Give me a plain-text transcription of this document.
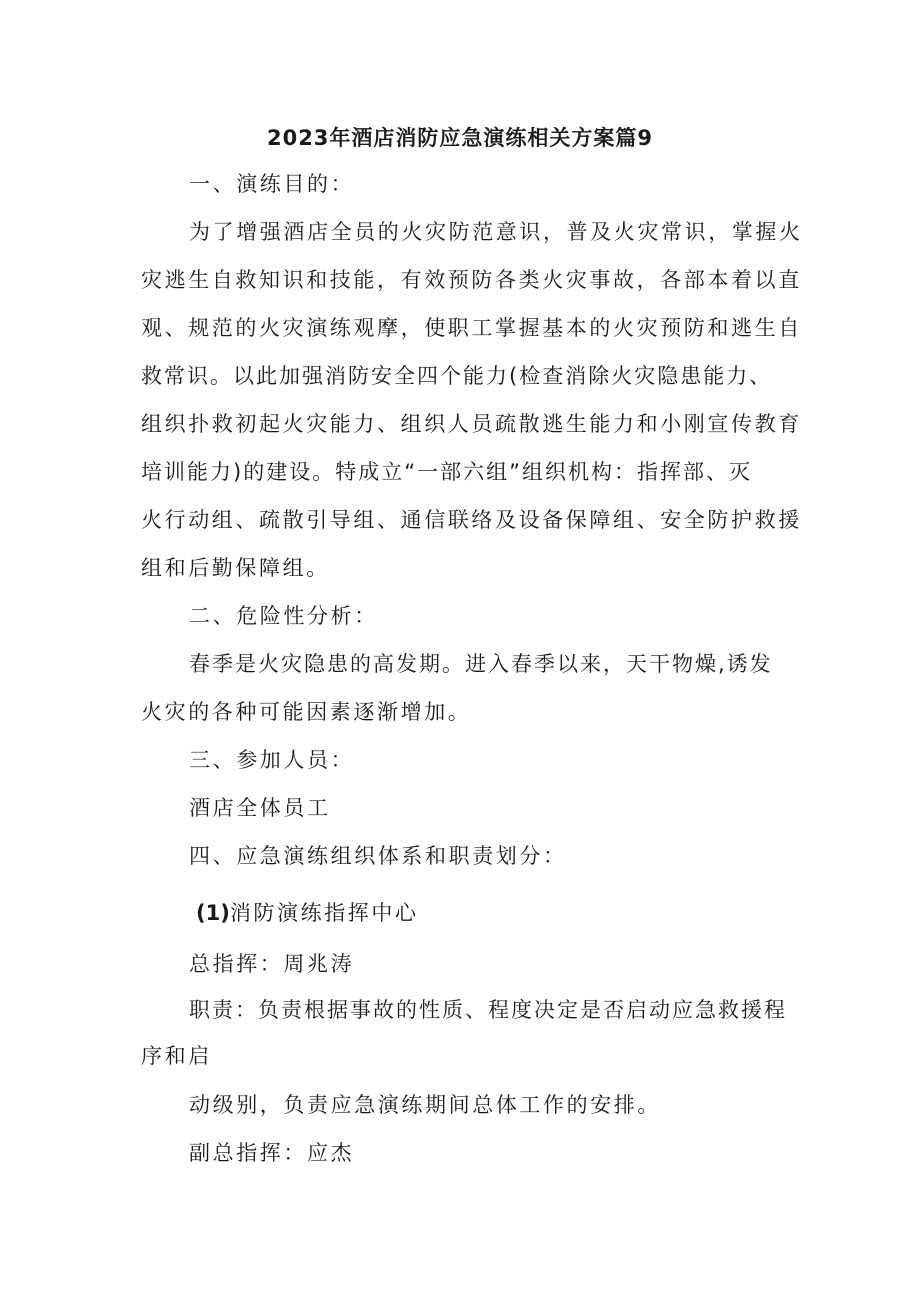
2023年酒店消防应急演练相关方案篇9
一、演练目的：
为了增强酒店全员的火灾防范意识，普及火灾常识，掌握火
灾逃生自救知识和技能，有效预防各类火灾事故，各部本着以直
观、规范的火灾演练观摩，使职工掌握基本的火灾预防和逃生自
救常识。以此加强消防安全四个能力(检查消除火灾隐患能力、
组织扑救初起火灾能力、组织人员疏散逃生能力和小刚宣传教育
培训能力)的建设。特成立“一部六组”组织机构：指挥部、灭
火行动组、疏散引导组、通信联络及设备保障组、安全防护救援
组和后勤保障组。
二、危险性分析：
春季是火灾隐患的高发期。进入春季以来，天干物燥,诱发
火灾的各种可能因素逐渐增加。
三、参加人员：
酒店全体员工
四、应急演练组织体系和职责划分：
(1)消防演练指挥中心
总指挥：周兆涛
职责：负责根据事故的性质、程度决定是否启动应急救援程
序和启
动级别，负责应急演练期间总体工作的安排。
副总指挥：应杰
